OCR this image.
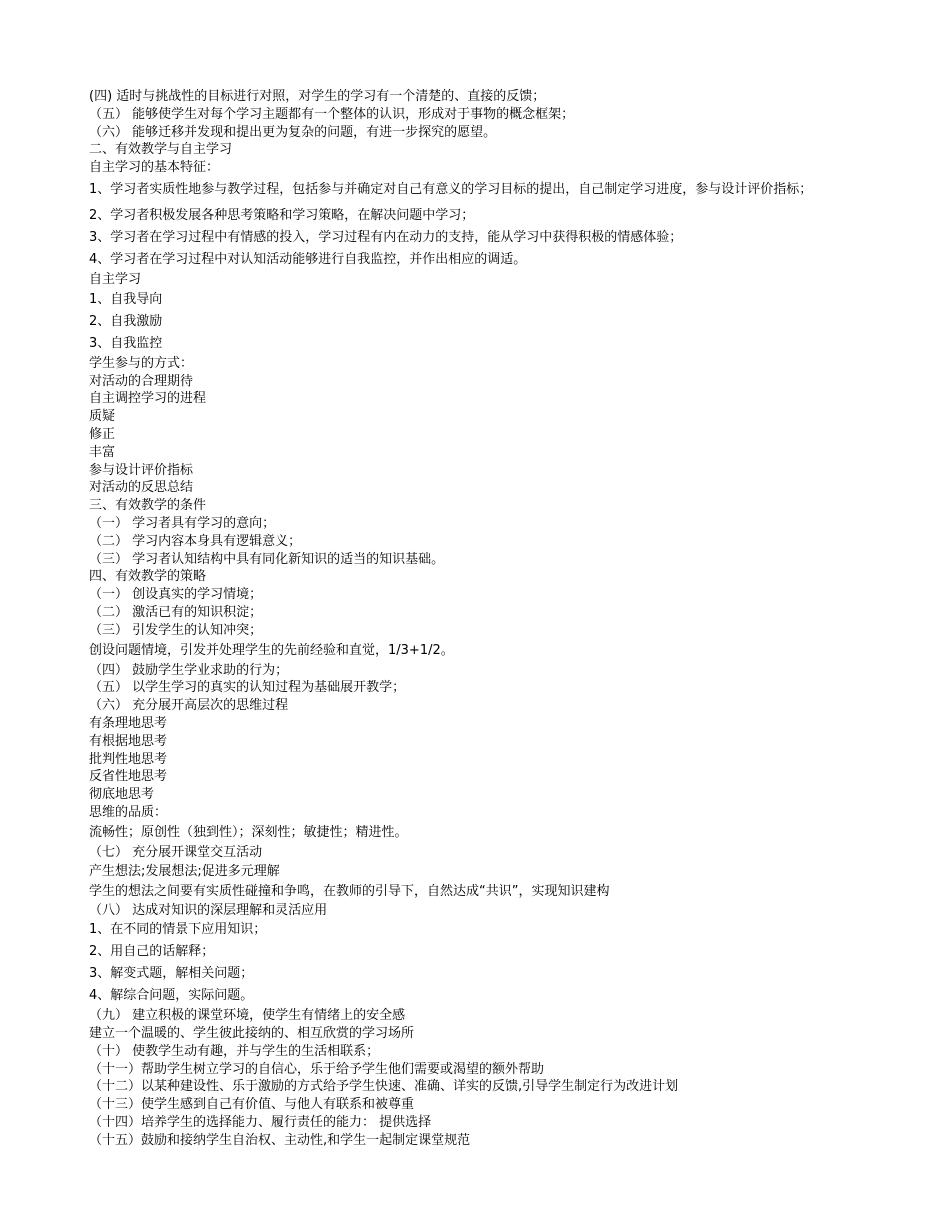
(四) 适时与挑战性的目标进行对照，对学生的学习有一个清楚的、直接的反馈；
（五） 能够使学生对每个学习主题都有一个整体的认识，形成对于事物的概念框架；
（六） 能够迁移并发现和提出更为复杂的问题，有进一步探究的愿望。
二、有效教学与自主学习
自主学习的基本特征：
1、学习者实质性地参与教学过程，包括参与并确定对自己有意义的学习目标的提出，自己制定学习进度，参与设计评价指标；
2、学习者积极发展各种思考策略和学习策略，在解决问题中学习；
3、学习者在学习过程中有情感的投入，学习过程有内在动力的支持，能从学习中获得积极的情感体验；
4、学习者在学习过程中对认知活动能够进行自我监控，并作出相应的调适。
自主学习
1、自我导向
2、自我激励
3、自我监控
学生参与的方式：
对活动的合理期待
自主调控学习的进程
质疑
修正
丰富
参与设计评价指标
对活动的反思总结
三、有效教学的条件
（一） 学习者具有学习的意向；
（二） 学习内容本身具有逻辑意义；
（三） 学习者认知结构中具有同化新知识的适当的知识基础。
四、有效教学的策略
（一） 创设真实的学习情境；
（二） 激活已有的知识积淀；
（三） 引发学生的认知冲突；
创设问题情境，引发并处理学生的先前经验和直觉，1/3+1/2。
（四） 鼓励学生学业求助的行为；
（五） 以学生学习的真实的认知过程为基础展开教学；
（六） 充分展开高层次的思维过程
有条理地思考
有根据地思考
批判性地思考
反省性地思考
彻底地思考
思维的品质：
流畅性；原创性（独到性）；深刻性；敏捷性；精进性。
（七） 充分展开课堂交互活动
产生想法;发展想法;促进多元理解
学生的想法之间要有实质性碰撞和争鸣，在教师的引导下，自然达成“共识”，实现知识建构
（八） 达成对知识的深层理解和灵活应用
1、在不同的情景下应用知识；
2、用自己的话解释；
3、解变式题，解相关问题；
4、解综合问题，实际问题。
（九） 建立积极的课堂环境，使学生有情绪上的安全感
建立一个温暖的、学生彼此接纳的、相互欣赏的学习场所
（十） 使教学生动有趣，并与学生的生活相联系；
（十一）帮助学生树立学习的自信心，乐于给予学生他们需要或渴望的额外帮助
（十二）以某种建设性、乐于激励的方式给予学生快速、准确、详实的反馈,引导学生制定行为改进计划
（十三）使学生感到自己有价值、与他人有联系和被尊重
（十四）培养学生的选择能力、履行责任的能力： 提供选择
（十五）鼓励和接纳学生自治权、主动性,和学生一起制定课堂规范
